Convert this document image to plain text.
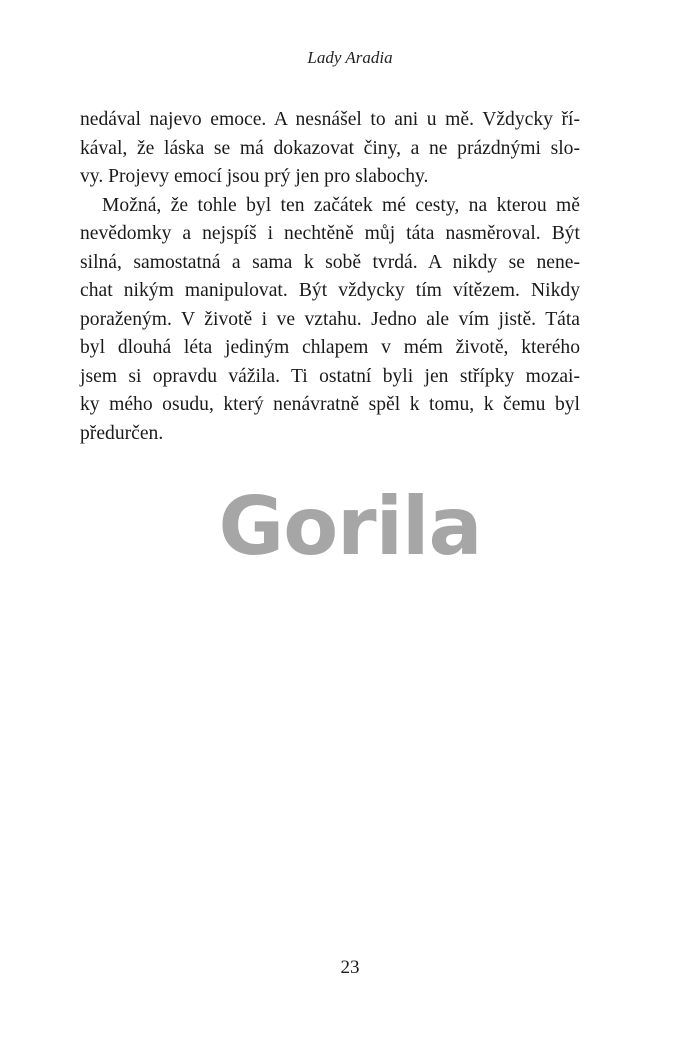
Lady Aradia

nedával najevo emoce. A nesnášel to ani u mě. Vždycky ří-
kával, že láska se má dokazovat činy, a ne prázdnými slo-
vy. Projevy emocí jsou prý jen pro slabochy.

Možná, že tohle byl ten začátek mé cesty, na kterou mě
nevědomky a nejspíš i nechtěně můj táta nasměroval. Být
silná, samostatná a sama k sobě tvrdá. A nikdy se nene-
chat nikým manipulovat. Být vždycky tím vítězem. Nikdy
poraženým. V životě i ve vztahu. Jedno ale vím jistě. Táta
byl dlouhá léta jediným chlapem v mém životě, kterého
jsem si opravdu vážila. Ti ostatní byli jen střípky mozai-
ky mého osudu, který nenávratně spěl k tomu, k čemu byl
předurčen.

Gorila
23
